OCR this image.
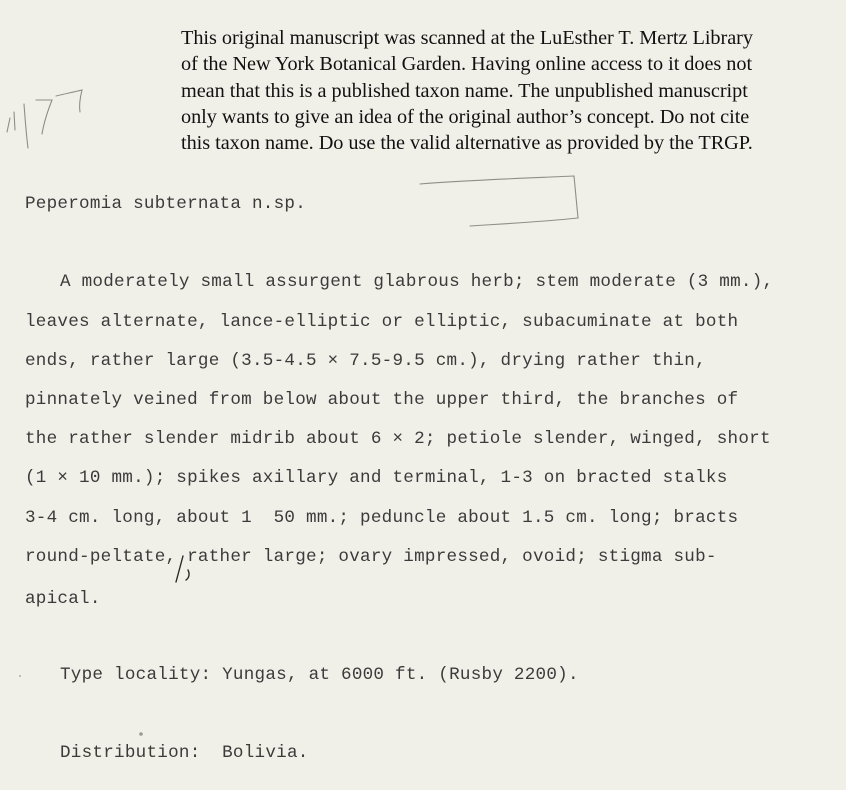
This original manuscript was scanned at the LuEsther T. Mertz Library
of the New York Botanical Garden. Having online access to it does not
mean that this is a published taxon name. The unpublished manuscript
only wants to give an idea of the original author’s concept. Do not cite
this taxon name. Do use the valid alternative as provided by the TRGP.
Peperomia subternata n.sp.
A moderately small assurgent glabrous herb; stem moderate (3 mm.),
leaves alternate, lance-elliptic or elliptic, subacuminate at both
ends, rather large (3.5-4.5 × 7.5-9.5 cm.), drying rather thin,
pinnately veined from below about the upper third, the branches of
the rather slender midrib about 6 × 2; petiole slender, winged, short
(1 × 10 mm.); spikes axillary and terminal, 1-3 on bracted stalks
3-4 cm. long, about 1  50 mm.; peduncle about 1.5 cm. long; bracts
round-peltate, rather large; ovary impressed, ovoid; stigma sub-
apical.
Type locality: Yungas, at 6000 ft. (Rusby 2200).
Distribution:  Bolivia.
